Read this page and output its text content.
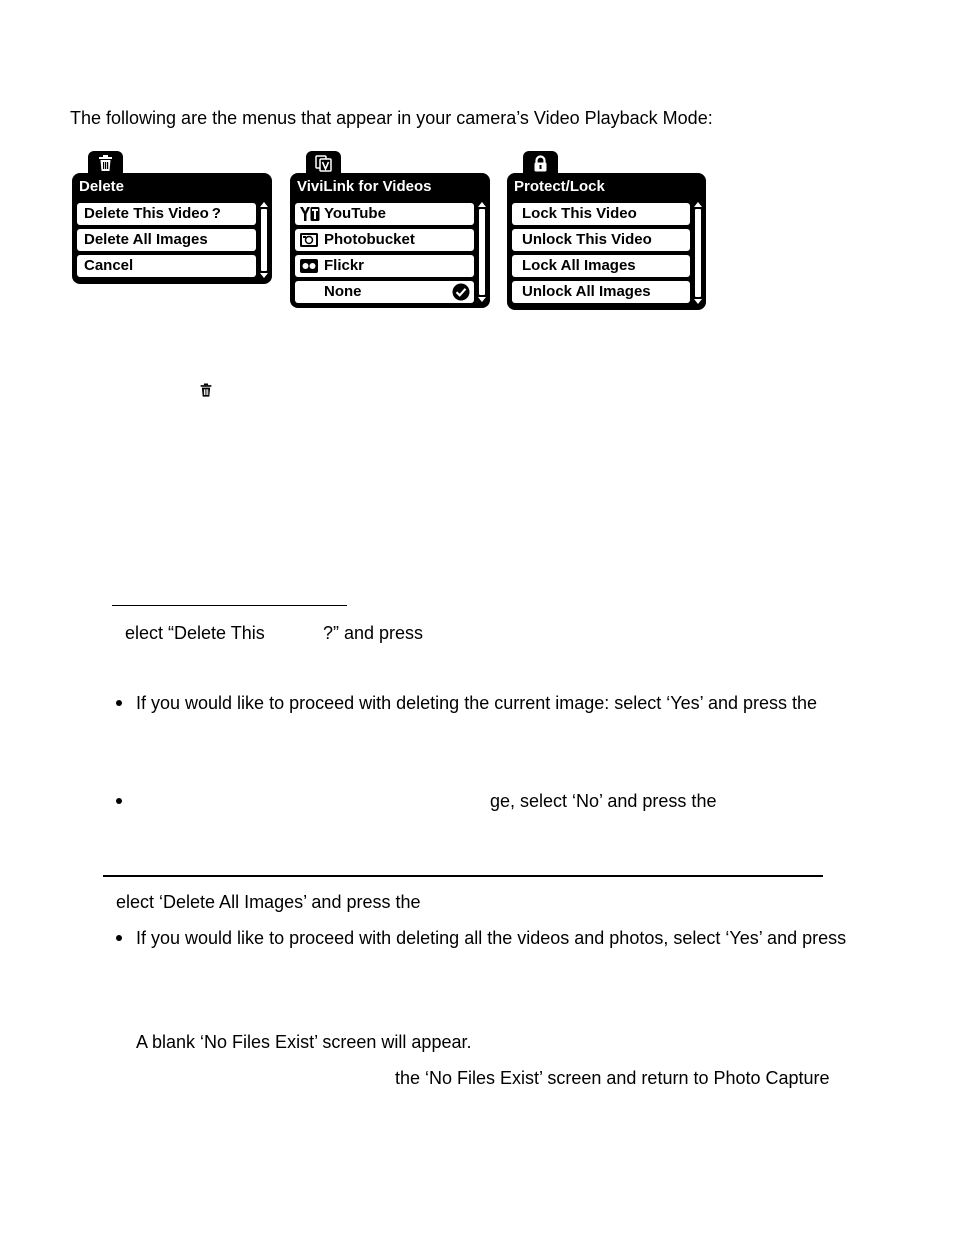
The following are the menus that appear in your camera’s Video Playback Mode:
Delete
Delete This Video ?
Delete All Images
Cancel
ViviLink for Videos
YouTube
Photobucket
Flickr
None
Protect/Lock
Lock This Video
Unlock This Video
Lock All Images
Unlock All Images
elect “Delete This	?” and press
If you would like to proceed with deleting the current image: select ‘Yes’ and press the
ge, select ‘No’ and press the
elect ‘Delete All Images’ and press the
If you would like to proceed with deleting all the videos and photos, select ‘Yes’ and press
A blank ‘No Files Exist’ screen will appear.
the ‘No Files Exist’ screen and return to Photo Capture
